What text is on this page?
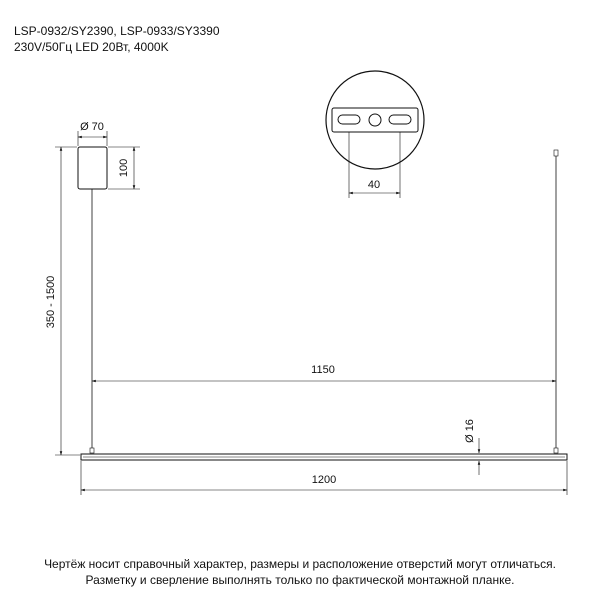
LSP-0932/SY2390, LSP-0933/SY3390
230V/50Гц LED 20Вт, 4000K
Ø 70
100
350 - 1500
40
1150
Ø 16
1200
Чертёж носит справочный характер, размеры и расположение отверстий могут отличаться.
Разметку и сверление выполнять только по фактической монтажной планке.
